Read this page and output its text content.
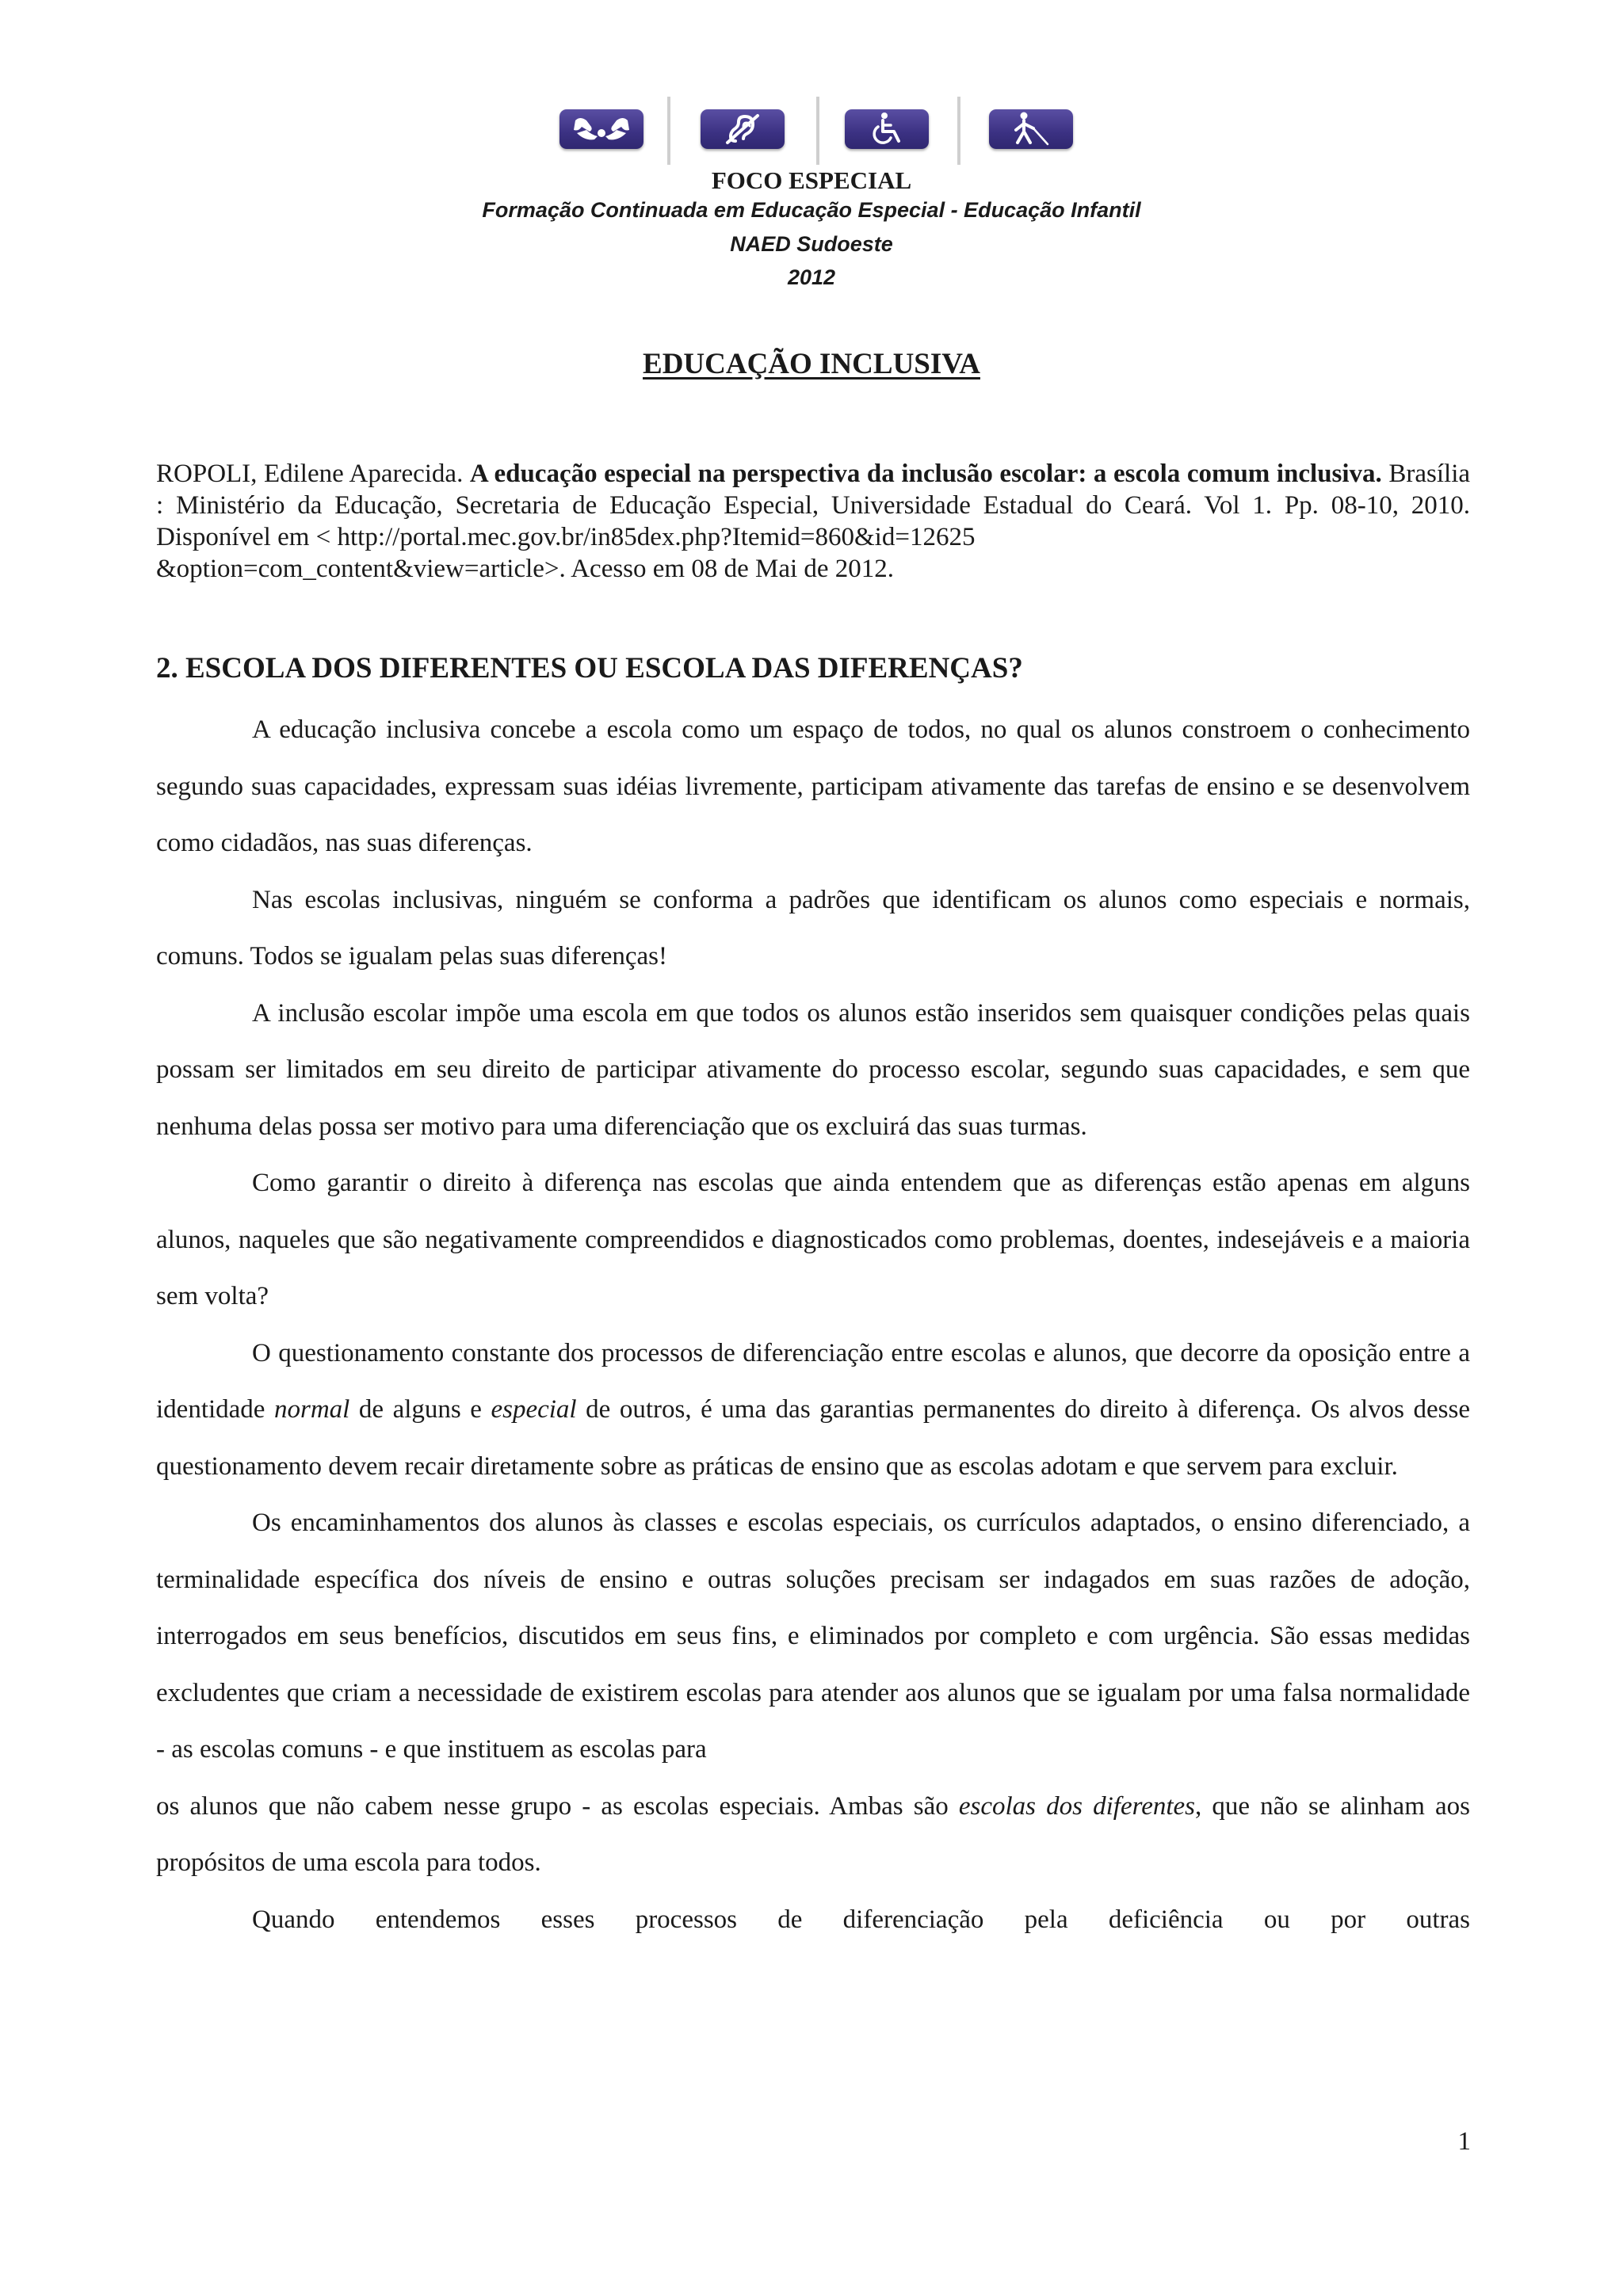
FOCO ESPECIAL
Formação Continuada em Educação Especial - Educação Infantil
NAED Sudoeste
2012
EDUCAÇÃO INCLUSIVA

ROPOLI, Edilene Aparecida. A educação especial na perspectiva da inclusão escolar: a escola comum inclusiva. Brasília : Ministério da Educação, Secretaria de Educação Especial, Universidade Estadual do Ceará. Vol 1. Pp. 08-10, 2010. Disponível em < http://portal.mec.gov.br/in85dex.php?Itemid=860&id=12625

&option=com_content&view=article>. Acesso em 08 de Mai de 2012.

2. ESCOLA DOS DIFERENTES OU ESCOLA DAS DIFERENÇAS?

A educação inclusiva concebe a escola como um espaço de todos, no qual os alunos constroem o conhecimento segundo suas capacidades, expressam suas idéias livremente, participam ativamente das tarefas de ensino e se desenvolvem como cidadãos, nas suas diferenças.

Nas escolas inclusivas, ninguém se conforma a padrões que identificam os alunos como especiais e normais, comuns. Todos se igualam pelas suas diferenças!

A inclusão escolar impõe uma escola em que todos os alunos estão inseridos sem quaisquer condições pelas quais possam ser limitados em seu direito de participar ativamente do processo escolar, segundo suas capacidades, e sem que nenhuma delas possa ser motivo para uma diferenciação que os excluirá das suas turmas.

Como garantir o direito à diferença nas escolas que ainda entendem que as diferenças estão apenas em alguns alunos, naqueles que são negativamente compreendidos e diagnosticados como problemas, doentes, indesejáveis e a maioria sem volta?

O questionamento constante dos processos de diferenciação entre escolas e alunos, que decorre da oposição entre a identidade normal de alguns e especial de outros, é uma das garantias permanentes do direito à diferença. Os alvos desse questionamento devem recair diretamente sobre as práticas de ensino que as escolas adotam e que servem para excluir.

Os encaminhamentos dos alunos às classes e escolas especiais, os currículos adaptados, o ensino diferenciado, a terminalidade específica dos níveis de ensino e outras soluções precisam ser indagados em suas razões de adoção, interrogados em seus benefícios, discutidos em seus fins, e eliminados por completo e com urgência. São essas medidas excludentes que criam a necessidade de existirem escolas para atender aos alunos que se igualam por uma falsa normalidade - as escolas comuns - e que instituem as escolas para

os alunos que não cabem nesse grupo - as escolas especiais. Ambas são escolas dos diferentes, que não se alinham aos propósitos de uma escola para todos.

Quando entendemos esses processos de diferenciação pela deficiência ou por outras

1
